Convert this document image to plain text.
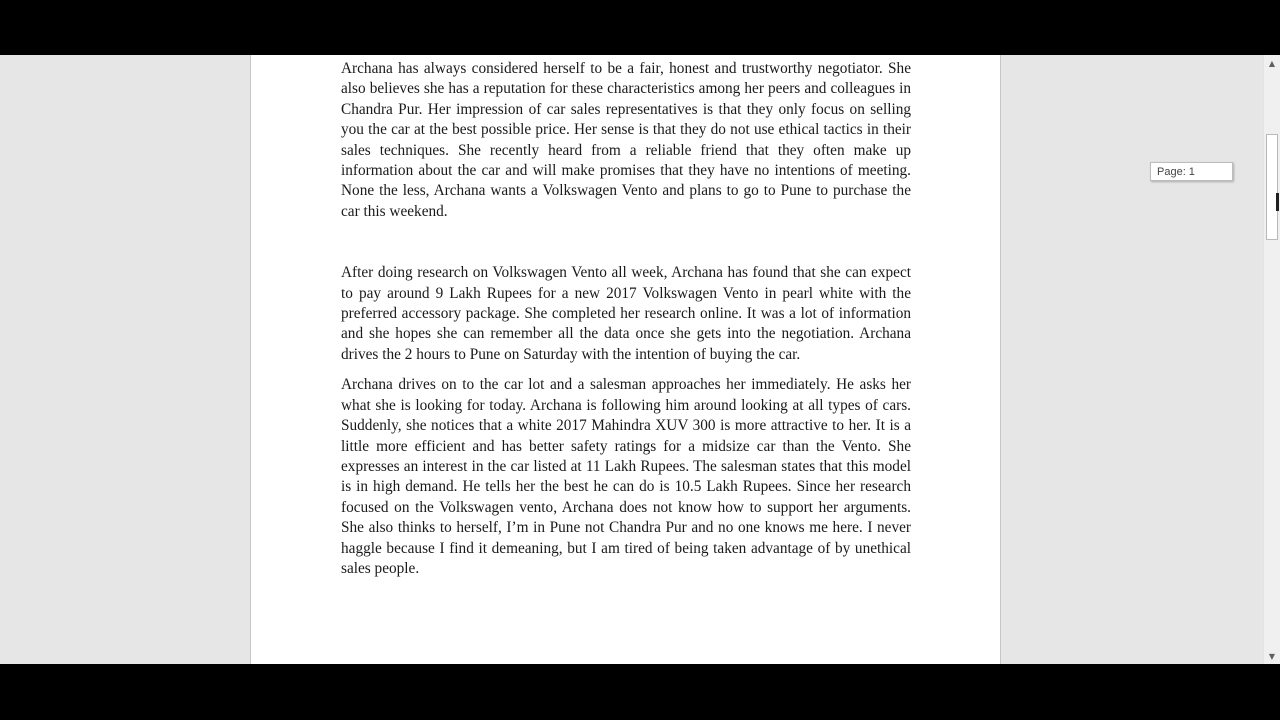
Archana has always considered herself to be a fair, honest and trustworthy negotiator. She also believes she has a reputation for these characteristics among her peers and colleagues in Chandra Pur. Her impression of car sales representatives is that they only focus on selling you the car at the best possible price. Her sense is that they do not use ethical tactics in their sales techniques. She recently heard from a reliable friend that they often make up information about the car and will make promises that they have no intentions of meeting. None the less, Archana wants a Volkswagen Vento and plans to go to Pune to purchase the car this weekend.

After doing research on Volkswagen Vento all week, Archana has found that she can expect to pay around 9 Lakh Rupees for a new 2017 Volkswagen Vento in pearl white with the preferred accessory package. She completed her research online. It was a lot of information and she hopes she can remember all the data once she gets into the negotiation. Archana drives the 2 hours to Pune on Saturday with the intention of buying the car.

Archana drives on to the car lot and a salesman approaches her immediately. He asks her what she is looking for today. Archana is following him around looking at all types of cars. Suddenly, she notices that a white 2017 Mahindra XUV 300 is more attractive to her. It is a little more efficient and has better safety ratings for a midsize car than the Vento. She expresses an interest in the car listed at 11 Lakh Rupees. The salesman states that this model is in high demand. He tells her the best he can do is 10.5 Lakh Rupees. Since her research focused on the Volkswagen vento, Archana does not know how to support her arguments. She also thinks to herself, I’m in Pune not Chandra Pur and no one knows me here. I never haggle because I find it demeaning, but I am tired of being taken advantage of by unethical sales people.

Page: 1
▲
▼
